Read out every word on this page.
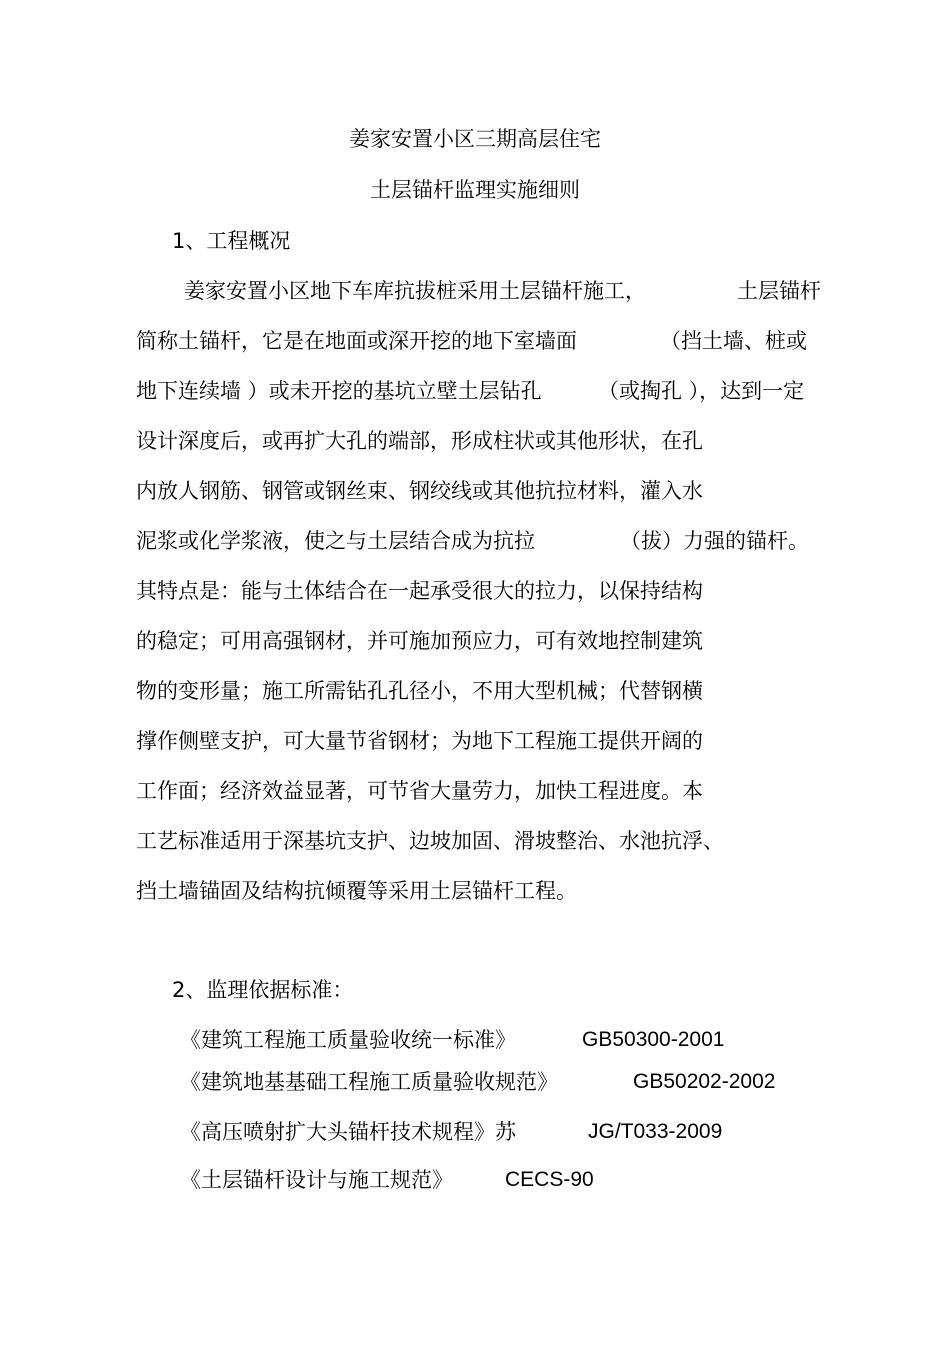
姜家安置小区三期高层住宅
土层锚杆监理实施细则
1、工程概况
姜家安置小区地下车库抗拔桩采用土层锚杆施工，	土层锚杆
简称土锚杆，它是在地面或深开挖的地下室墙面	（挡土墙、桩或
地下连续墙 ）或未开挖的基坑立壁土层钻孔	（或掏孔 ），达到一定
设计深度后，或再扩大孔的端部，形成柱状或其他形状，在孔
内放人钢筋、钢管或钢丝束、钢绞线或其他抗拉材料，灌入水
泥浆或化学浆液，使之与土层结合成为抗拉	（拔）力强的锚杆。
其特点是：能与土体结合在一起承受很大的拉力，以保持结构
的稳定；可用高强钢材，并可施加预应力，可有效地控制建筑
物的变形量；施工所需钻孔孔径小，不用大型机械；代替钢横
撑作侧壁支护，可大量节省钢材；为地下工程施工提供开阔的
工作面；经济效益显著，可节省大量劳力，加快工程进度。本
工艺标准适用于深基坑支护、边坡加固、滑坡整治、水池抗浮、
挡土墙锚固及结构抗倾覆等采用土层锚杆工程。
2、监理依据标准：
《建筑工程施工质量验收统一标准》	GB50300-2001
《建筑地基基础工程施工质量验收规范》	GB50202-2002
《高压喷射扩大头锚杆技术规程》苏	JG/T033-2009
《土层锚杆设计与施工规范》 CECS-90
